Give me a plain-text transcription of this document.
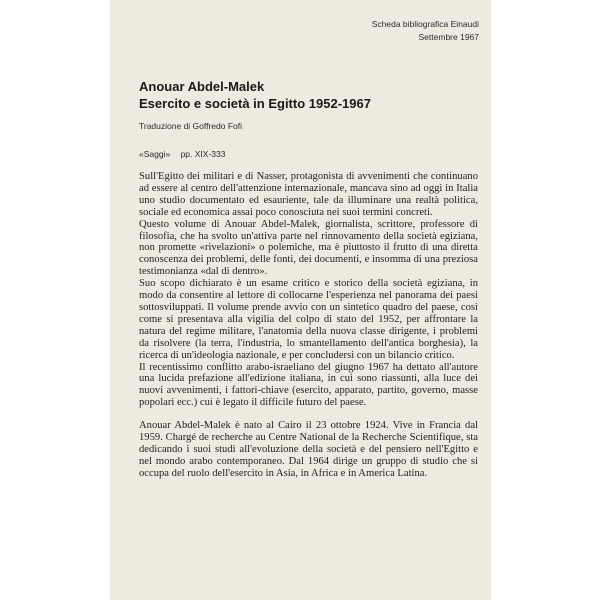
Scheda bibliografica Einaudi
Settembre 1967
Anouar Abdel-Malek
Esercito e società in Egitto 1952-1967
Traduzione di Goffredo Fofi
«Saggi» pp. XIX-333

Sull'Egitto dei militari e di Nasser, protagonista di avvenimenti che continuano ad essere al centro dell'attenzione internazionale, mancava sino ad oggi in Italia uno studio documentato ed esauriente, tale da illuminare una realtà politica, sociale ed economica assai poco conosciuta nei suoi termini concreti.

Questo volume di Anouar Abdel-Malek, giornalista, scrittore, professore di filosofia, che ha svolto un'attiva parte nel rinnovamento della società egiziana, non promette «rivelazioni» o polemiche, ma è piuttosto il frutto di una diretta conoscenza dei problemi, delle fonti, dei documenti, e insomma di una preziosa testimonianza «dal di dentro».

Suo scopo dichiarato è un esame critico e storico della società egiziana, in modo da consentire al lettore di collocarne l'esperienza nel panorama dei paesi sottosviluppati. Il volume prende avvio con un sintetico quadro del paese, così come si presentava alla vigilia del colpo di stato del 1952, per affrontare la natura del regime militare, l'anatomia della nuova classe dirigente, i problemi da risolvere (la terra, l'industria, lo smantellamento dell'antica borghesia), la ricerca di un'ideologia nazionale, e per concludersi con un bilancio critico.

Il recentissimo conflitto arabo-israeliano del giugno 1967 ha dettato all'autore una lucida prefazione all'edizione italiana, in cui sono riassunti, alla luce dei nuovi avvenimenti, i fattori-chiave (esercito, apparato, partito, governo, masse popolari ecc.) cui è legato il difficile futuro del paese.

Anouar Abdel-Malek è nato al Cairo il 23 ottobre 1924. Vive in Francia dal 1959. Chargé de recherche au Centre National de la Recherche Scientifique, sta dedicando i suoi studi all'evoluzione della società e del pensiero nell'Egitto e nel mondo arabo contemporaneo. Dal 1964 dirige un gruppo di studio che si occupa del ruolo dell'esercito in Asia, in Africa e in America Latina.
